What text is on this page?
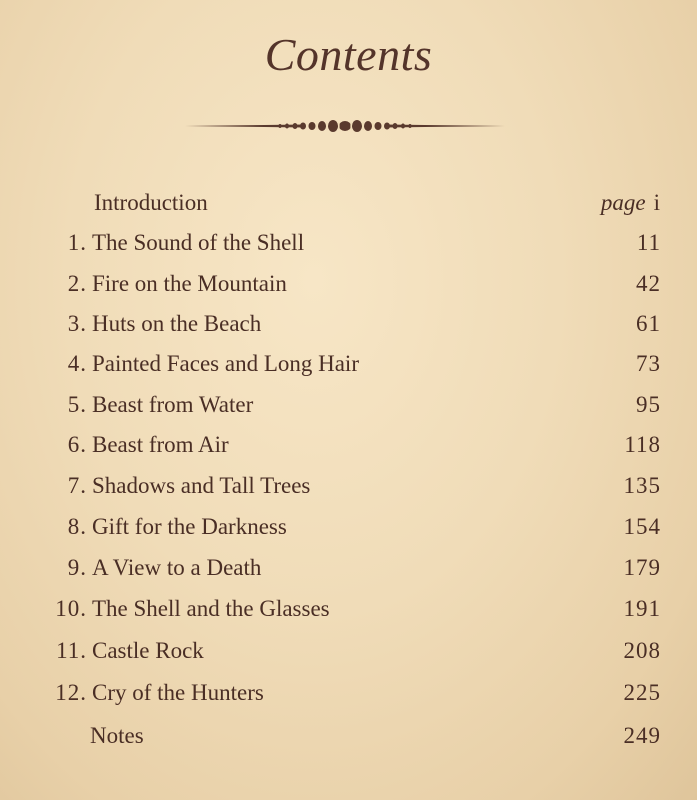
Contents
Introduction	page i
1. The Sound of the Shell	11
2. Fire on the Mountain	42
3. Huts on the Beach	61
4. Painted Faces and Long Hair	73
5. Beast from Water	95
6. Beast from Air	118
7. Shadows and Tall Trees	135
8. Gift for the Darkness	154
9. A View to a Death	179
10. The Shell and the Glasses	191
11. Castle Rock	208
12. Cry of the Hunters	225
Notes	249
